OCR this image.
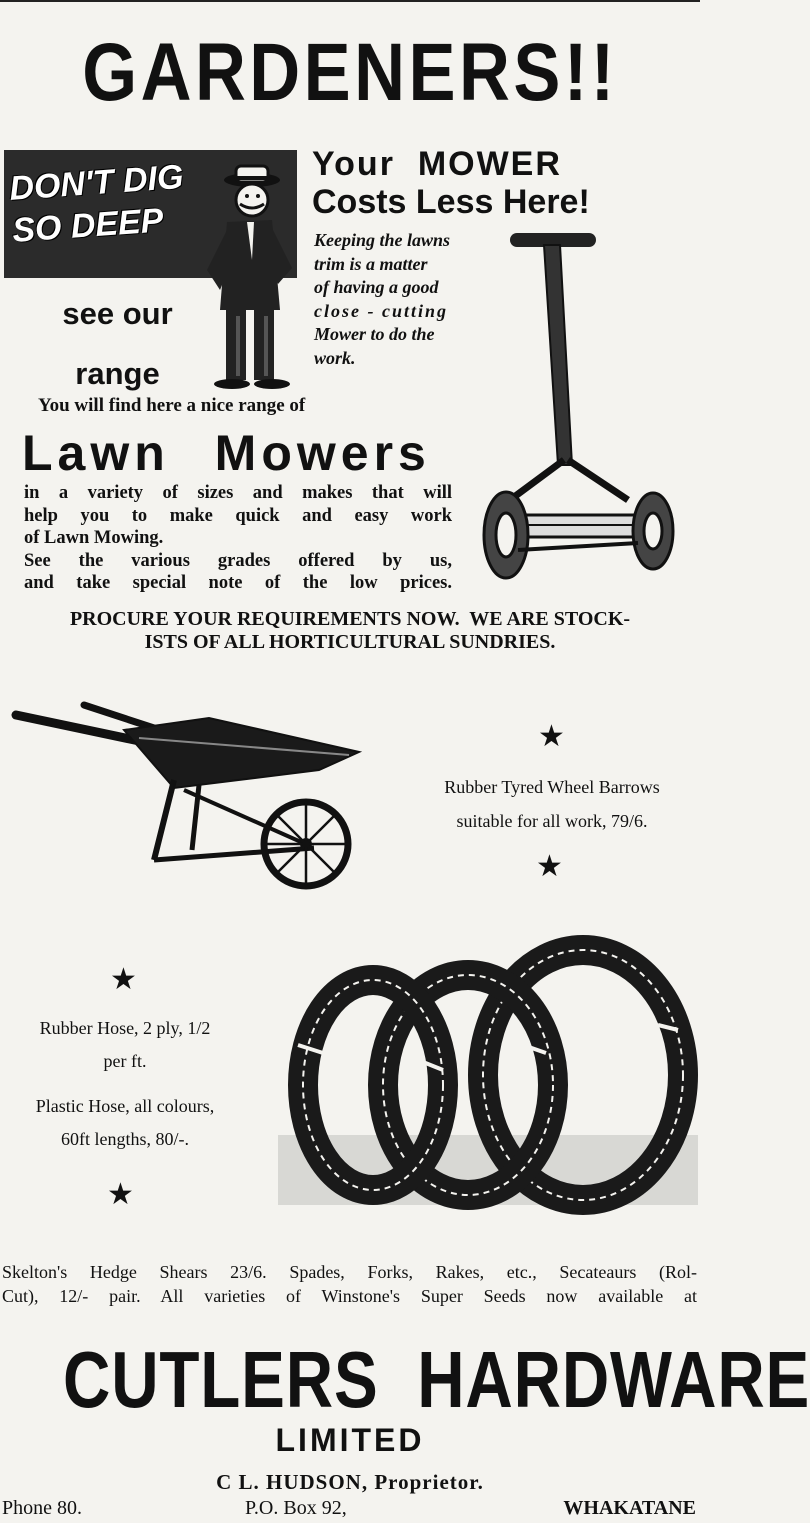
GARDENERS!!
DON'T DIG
SO DEEP
see our
range
Your  MOWER
Costs Less Here!
Keeping the lawns
trim is a matter
of having a good
close - cutting
Mower to do the
work.
You will find here a nice range of
Lawn Mowers
in a variety of sizes and makes that will
help you to make quick and easy work
of Lawn Mowing.
See the various grades offered by us,
and take special note of the low prices.
PROCURE YOUR REQUIREMENTS NOW.  WE ARE STOCK-
ISTS OF ALL HORTICULTURAL SUNDRIES.
★
Rubber Tyred Wheel Barrows
suitable for all work, 79/6.
★
★

Rubber Hose, 2 ply, 1/2
per ft.

Plastic Hose, all colours,
60ft lengths, 80/-.

★
Skelton's Hedge Shears 23/6. Spades, Forks, Rakes, etc., Secateaurs (Rol-
Cut), 12/- pair. All varieties of Winstone's Super Seeds now available at
CUTLERS HARDWARE
LIMITED
C L. HUDSON, Proprietor.
Phone 80.	P.O. Box 92,	WHAKATANE
